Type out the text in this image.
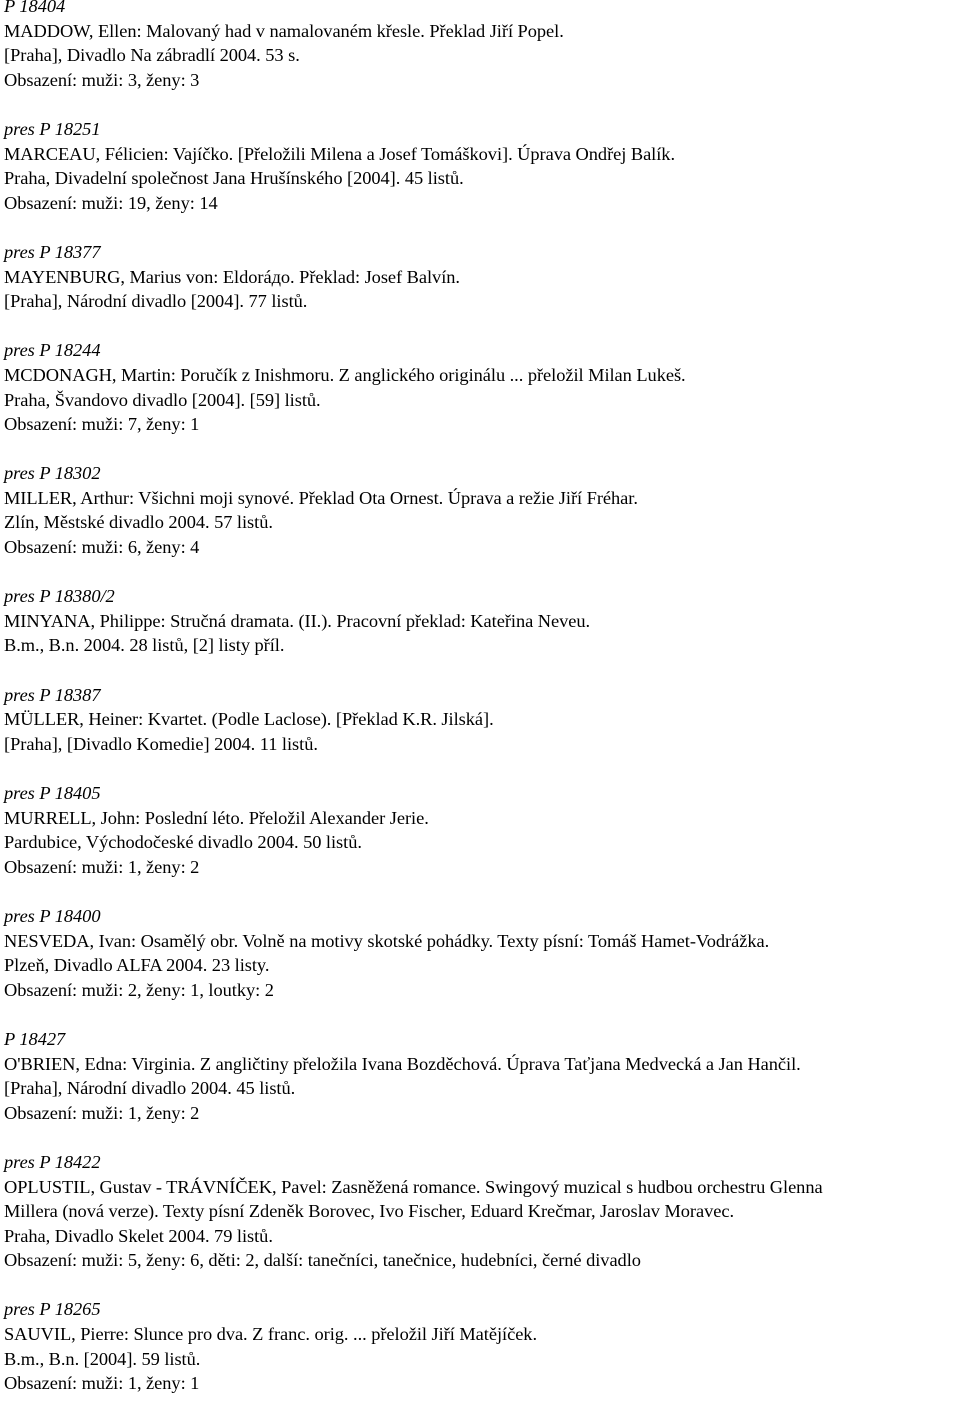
P 18404
MADDOW, Ellen: Malovaný had v namalovaném křesle. Překlad Jiří Popel.
[Praha], Divadlo Na zábradlí 2004. 53 s.
Obsazení: muži: 3, ženy: 3
pres P 18251
MARCEAU, Félicien: Vajíčko. [Přeložili Milena a Josef Tomáškovi]. Úprava Ondřej Balík.
Praha, Divadelní společnost Jana Hrušínského [2004]. 45 listů.
Obsazení: muži: 19, ženy: 14
pres P 18377
MAYENBURG, Marius von: Eldoráдо. Překlad: Josef Balvín.
[Praha], Národní divadlo [2004]. 77 listů.
pres P 18244
MCDONAGH, Martin: Poručík z Inishmoru. Z anglického originálu ... přeložil Milan Lukeš.
Praha, Švandovo divadlo [2004]. [59] listů.
Obsazení: muži: 7, ženy: 1
pres P 18302
MILLER, Arthur: Všichni moji synové. Překlad Ota Ornest. Úprava a režie Jiří Fréhar.
Zlín, Městské divadlo 2004. 57 listů.
Obsazení: muži: 6, ženy: 4
pres P 18380/2
MINYANA, Philippe: Stručná dramata. (II.). Pracovní překlad: Kateřina Neveu.
B.m., B.n. 2004. 28 listů, [2] listy příl.
pres P 18387
MÜLLER, Heiner: Kvartet. (Podle Laclose). [Překlad K.R. Jilská].
[Praha], [Divadlo Komedie] 2004. 11 listů.
pres P 18405
MURRELL, John: Poslední léto. Přeložil Alexander Jerie.
Pardubice, Východočeské divadlo 2004. 50 listů.
Obsazení: muži: 1, ženy: 2
pres P 18400
NESVEDA, Ivan: Osamělý obr. Volně na motivy skotské pohádky. Texty písní: Tomáš Hamet-Vodrážka.
Plzeň, Divadlo ALFA 2004. 23 listy.
Obsazení: muži: 2, ženy: 1, loutky: 2
P 18427
O'BRIEN, Edna: Virginia. Z angličtiny přeložila Ivana Bozděchová. Úprava Taťjana Medvecká a Jan Hančil.
[Praha], Národní divadlo 2004. 45 listů.
Obsazení: muži: 1, ženy: 2
pres P 18422
OPLUSTIL, Gustav - TRÁVNÍČEK, Pavel: Zasněžená romance. Swingový muzical s hudbou orchestru Glenna
Millera (nová verze). Texty písní Zdeněk Borovec, Ivo Fischer, Eduard Krečmar, Jaroslav Moravec.
Praha, Divadlo Skelet 2004. 79 listů.
Obsazení: muži: 5, ženy: 6, děti: 2, další: tanečníci, tanečnice, hudebníci, černé divadlo
pres P 18265
SAUVIL, Pierre: Slunce pro dva. Z franc. orig. ... přeložil Jiří Matějíček.
B.m., B.n. [2004]. 59 listů.
Obsazení: muži: 1, ženy: 1
